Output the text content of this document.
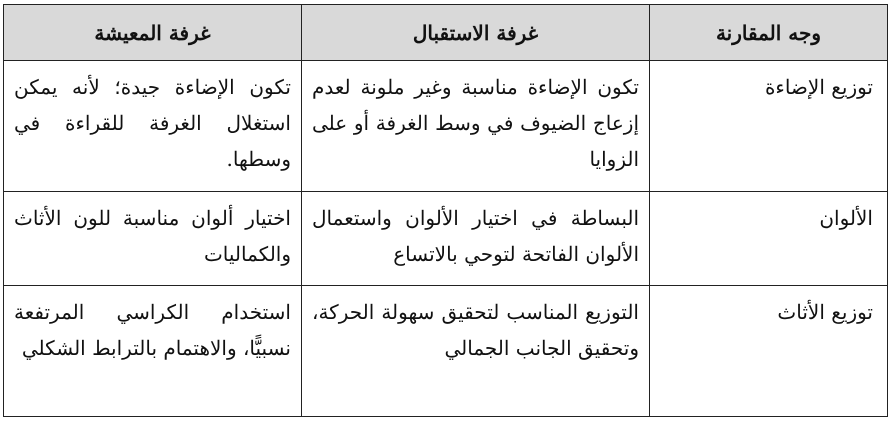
وجه المقارنة	غرفة الاستقبال	غرفة المعيشة
توزيع الإضاءة	تكون الإضاءة مناسبة وغير ملونة لعدم إزعاج الضيوف في وسط الغرفة أو على الزوايا	تكون الإضاءة جيدة؛ لأنه يمكن استغلال الغرفة للقراءة في وسطها.
الألوان	البساطة في اختيار الألوان واستعمال الألوان الفاتحة لتوحي بالاتساع	اختيار ألوان مناسبة للون الأثاث والكماليات
توزيع الأثاث	التوزيع المناسب لتحقيق سهولة الحركة، وتحقيق الجانب الجمالي	استخدام الكراسي المرتفعة نسبيًّا، والاهتمام بالترابط الشكلي
